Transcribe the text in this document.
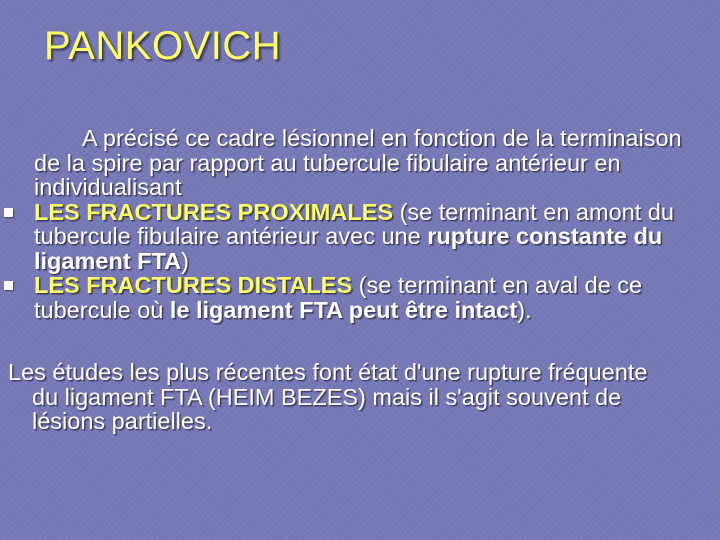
PANKOVICH
A précisé ce cadre lésionnel en fonction de la terminaison de la spire par rapport au tubercule fibulaire antérieur en individualisant
LES FRACTURES PROXIMALES (se terminant en amont du tubercule fibulaire antérieur avec une rupture constante du ligament FTA)
LES FRACTURES DISTALES (se terminant en aval de ce tubercule où le ligament FTA peut être intact).
Les études les plus récentes font état d'une rupture fréquente du ligament FTA (HEIM BEZES) mais il s'agit souvent de lésions partielles.
